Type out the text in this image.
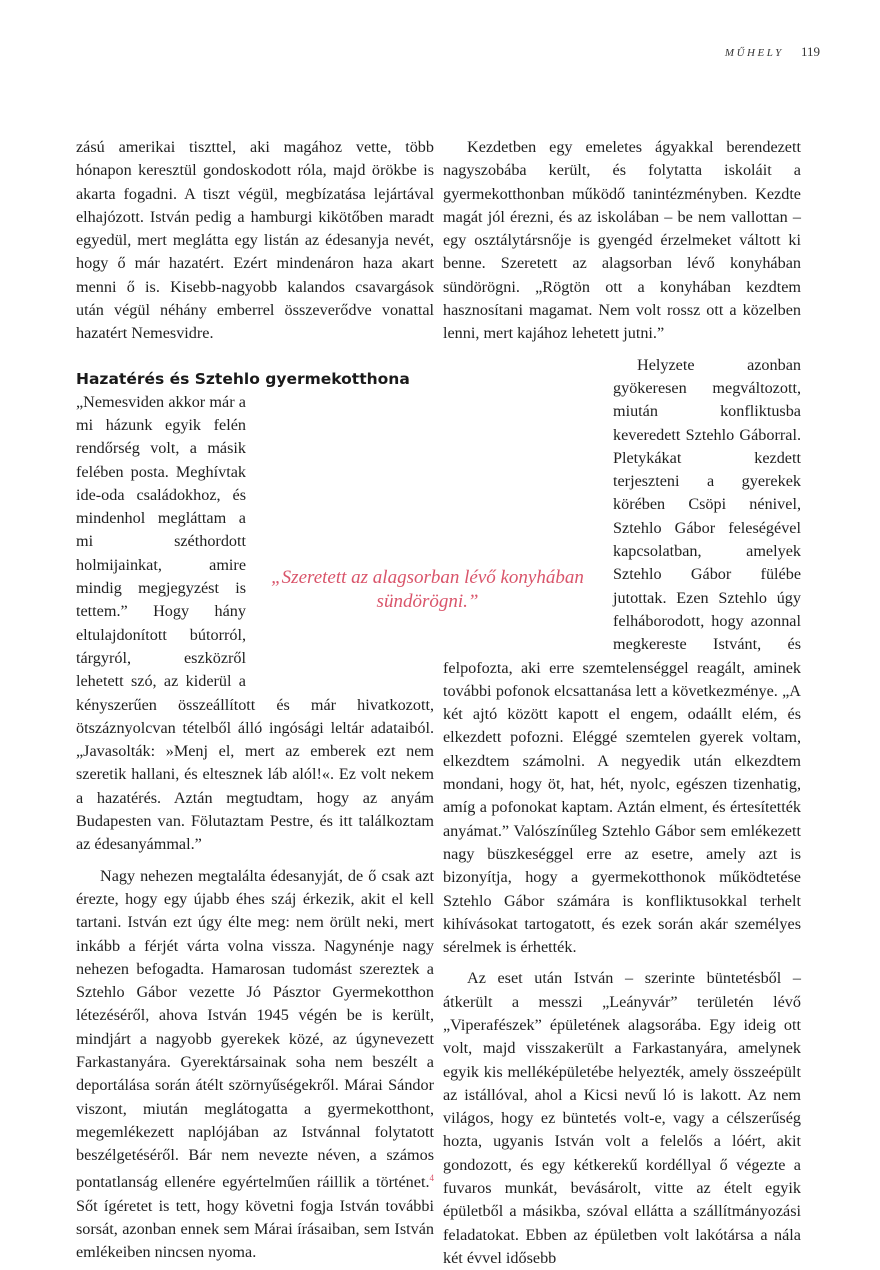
MŰHELY 119

zású amerikai tiszttel, aki magához vette, több hónapon keresztül gondoskodott róla, majd örökbe is akarta fogadni. A tiszt végül, megbízatása lejártával elhajózott. István pedig a hamburgi kikötőben maradt egyedül, mert meglátta egy listán az édesanyja nevét, hogy ő már hazatért. Ezért mindenáron haza akart menni ő is. Kisebb-nagyobb kalandos csavargások után végül néhány emberrel összeverődve vonattal hazatért Nemesvidre.

Hazatérés és Sztehlo gyermekotthona

„Nemesviden akkor már a mi házunk egyik felén rendőrség volt, a másik felében posta. Meghívtak ide-oda családokhoz, és mindenhol megláttam a mi széthordott holmijainkat, amire mindig megjegyzést is tettem.” Hogy hány eltulajdonított bútorról, tárgyról, eszközről lehetett szó, az kiderül a kényszerűen összeállított és már hivatkozott, ötszáznyolcvan tételből álló ingósági leltár adataiból. „Javasolták: »Menj el, mert az emberek ezt nem szeretik hallani, és eltesznek láb alól!«. Ez volt nekem a hazatérés. Aztán megtudtam, hogy az anyám Budapesten van. Fölutaztam Pestre, és itt találkoztam az édesanyámmal.”

Nagy nehezen megtalálta édesanyját, de ő csak azt érezte, hogy egy újabb éhes száj érkezik, akit el kell tartani. István ezt úgy élte meg: nem örült neki, mert inkább a férjét várta volna vissza. Nagynénje nagy nehezen befogadta. Hamarosan tudomást szereztek a Sztehlo Gábor vezette Jó Pásztor Gyermekotthon létezéséről, ahova István 1945 végén be is került, mindjárt a nagyobb gyerekek közé, az úgynevezett Farkastanyára. Gyerektársainak soha nem beszélt a deportálása során átélt szörnyűségekről. Márai Sándor viszont, miután meglátogatta a gyermekotthont, megemlékezett naplójában az Istvánnal folytatott beszélgetéséről. Bár nem nevezte néven, a számos pontatlanság ellenére egyértelműen ráillik a történet.$^4$ Sőt ígéretet is tett, hogy követni fogja István további sorsát, azonban ennek sem Márai írásaiban, sem István emlékeiben nincsen nyoma.

Kezdetben egy emeletes ágyakkal berendezett nagyszobába került, és folytatta iskoláit a gyermekotthonban működő tanintézményben. Kezdte magát jól érezni, és az iskolában – be nem vallottan – egy osztálytársnője is gyengéd érzelmeket váltott ki benne. Szeretett az alagsorban lévő konyhában sündörögni. „Rögtön ott a konyhában kezdtem hasznosítani magamat. Nem volt rossz ott a közelben lenni, mert kajához lehetett jutni.”

Helyzete azonban gyökeresen megváltozott, miután konfliktusba keveredett Sztehlo Gáborral. Pletykákat kezdett terjeszteni a gyerekek körében Csöpi nénivel, Sztehlo Gábor feleségével kapcsolatban, amelyek Sztehlo Gábor fülébe jutottak. Ezen Sztehlo úgy felháborodott, hogy azonnal megkereste Istvánt, és felpofozta, aki erre szemtelenséggel reagált, aminek további pofonok elcsattanása lett a következménye. „A két ajtó között kapott el engem, odaállt elém, és elkezdett pofozni. Eléggé szemtelen gyerek voltam, elkezdtem számolni. A negyedik után elkezdtem mondani, hogy öt, hat, hét, nyolc, egészen tizenhatig, amíg a pofonokat kaptam. Aztán elment, és értesítették anyámat.” Valószínűleg Sztehlo Gábor sem emlékezett nagy büszkeséggel erre az esetre, amely azt is bizonyítja, hogy a gyermekotthonok működtetése Sztehlo Gábor számára is konfliktusokkal terhelt kihívásokat tartogatott, és ezek során akár személyes sérelmek is érhették.

Az eset után István – szerinte büntetésből – átkerült a messzi „Leányvár” területén lévő „Viperafészek” épületének alagsorába. Egy ideig ott volt, majd visszakerült a Farkastanyára, amelynek egyik kis melléképületébe helyezték, amely összeépült az istállóval, ahol a Kicsi nevű ló is lakott. Az nem világos, hogy ez büntetés volt-e, vagy a célszerűség hozta, ugyanis István volt a felelős a lóért, akit gondozott, és egy kétkerekű kordéllyal ő végezte a fuvaros munkát, bevásárolt, vitte az ételt egyik épületből a másikba, szóval ellátta a szállítmányozási feladatokat. Ebben az épületben volt lakótársa a nála két évvel idősebb

„Szeretett az alagsorban lévő konyhában sündörögni.”
